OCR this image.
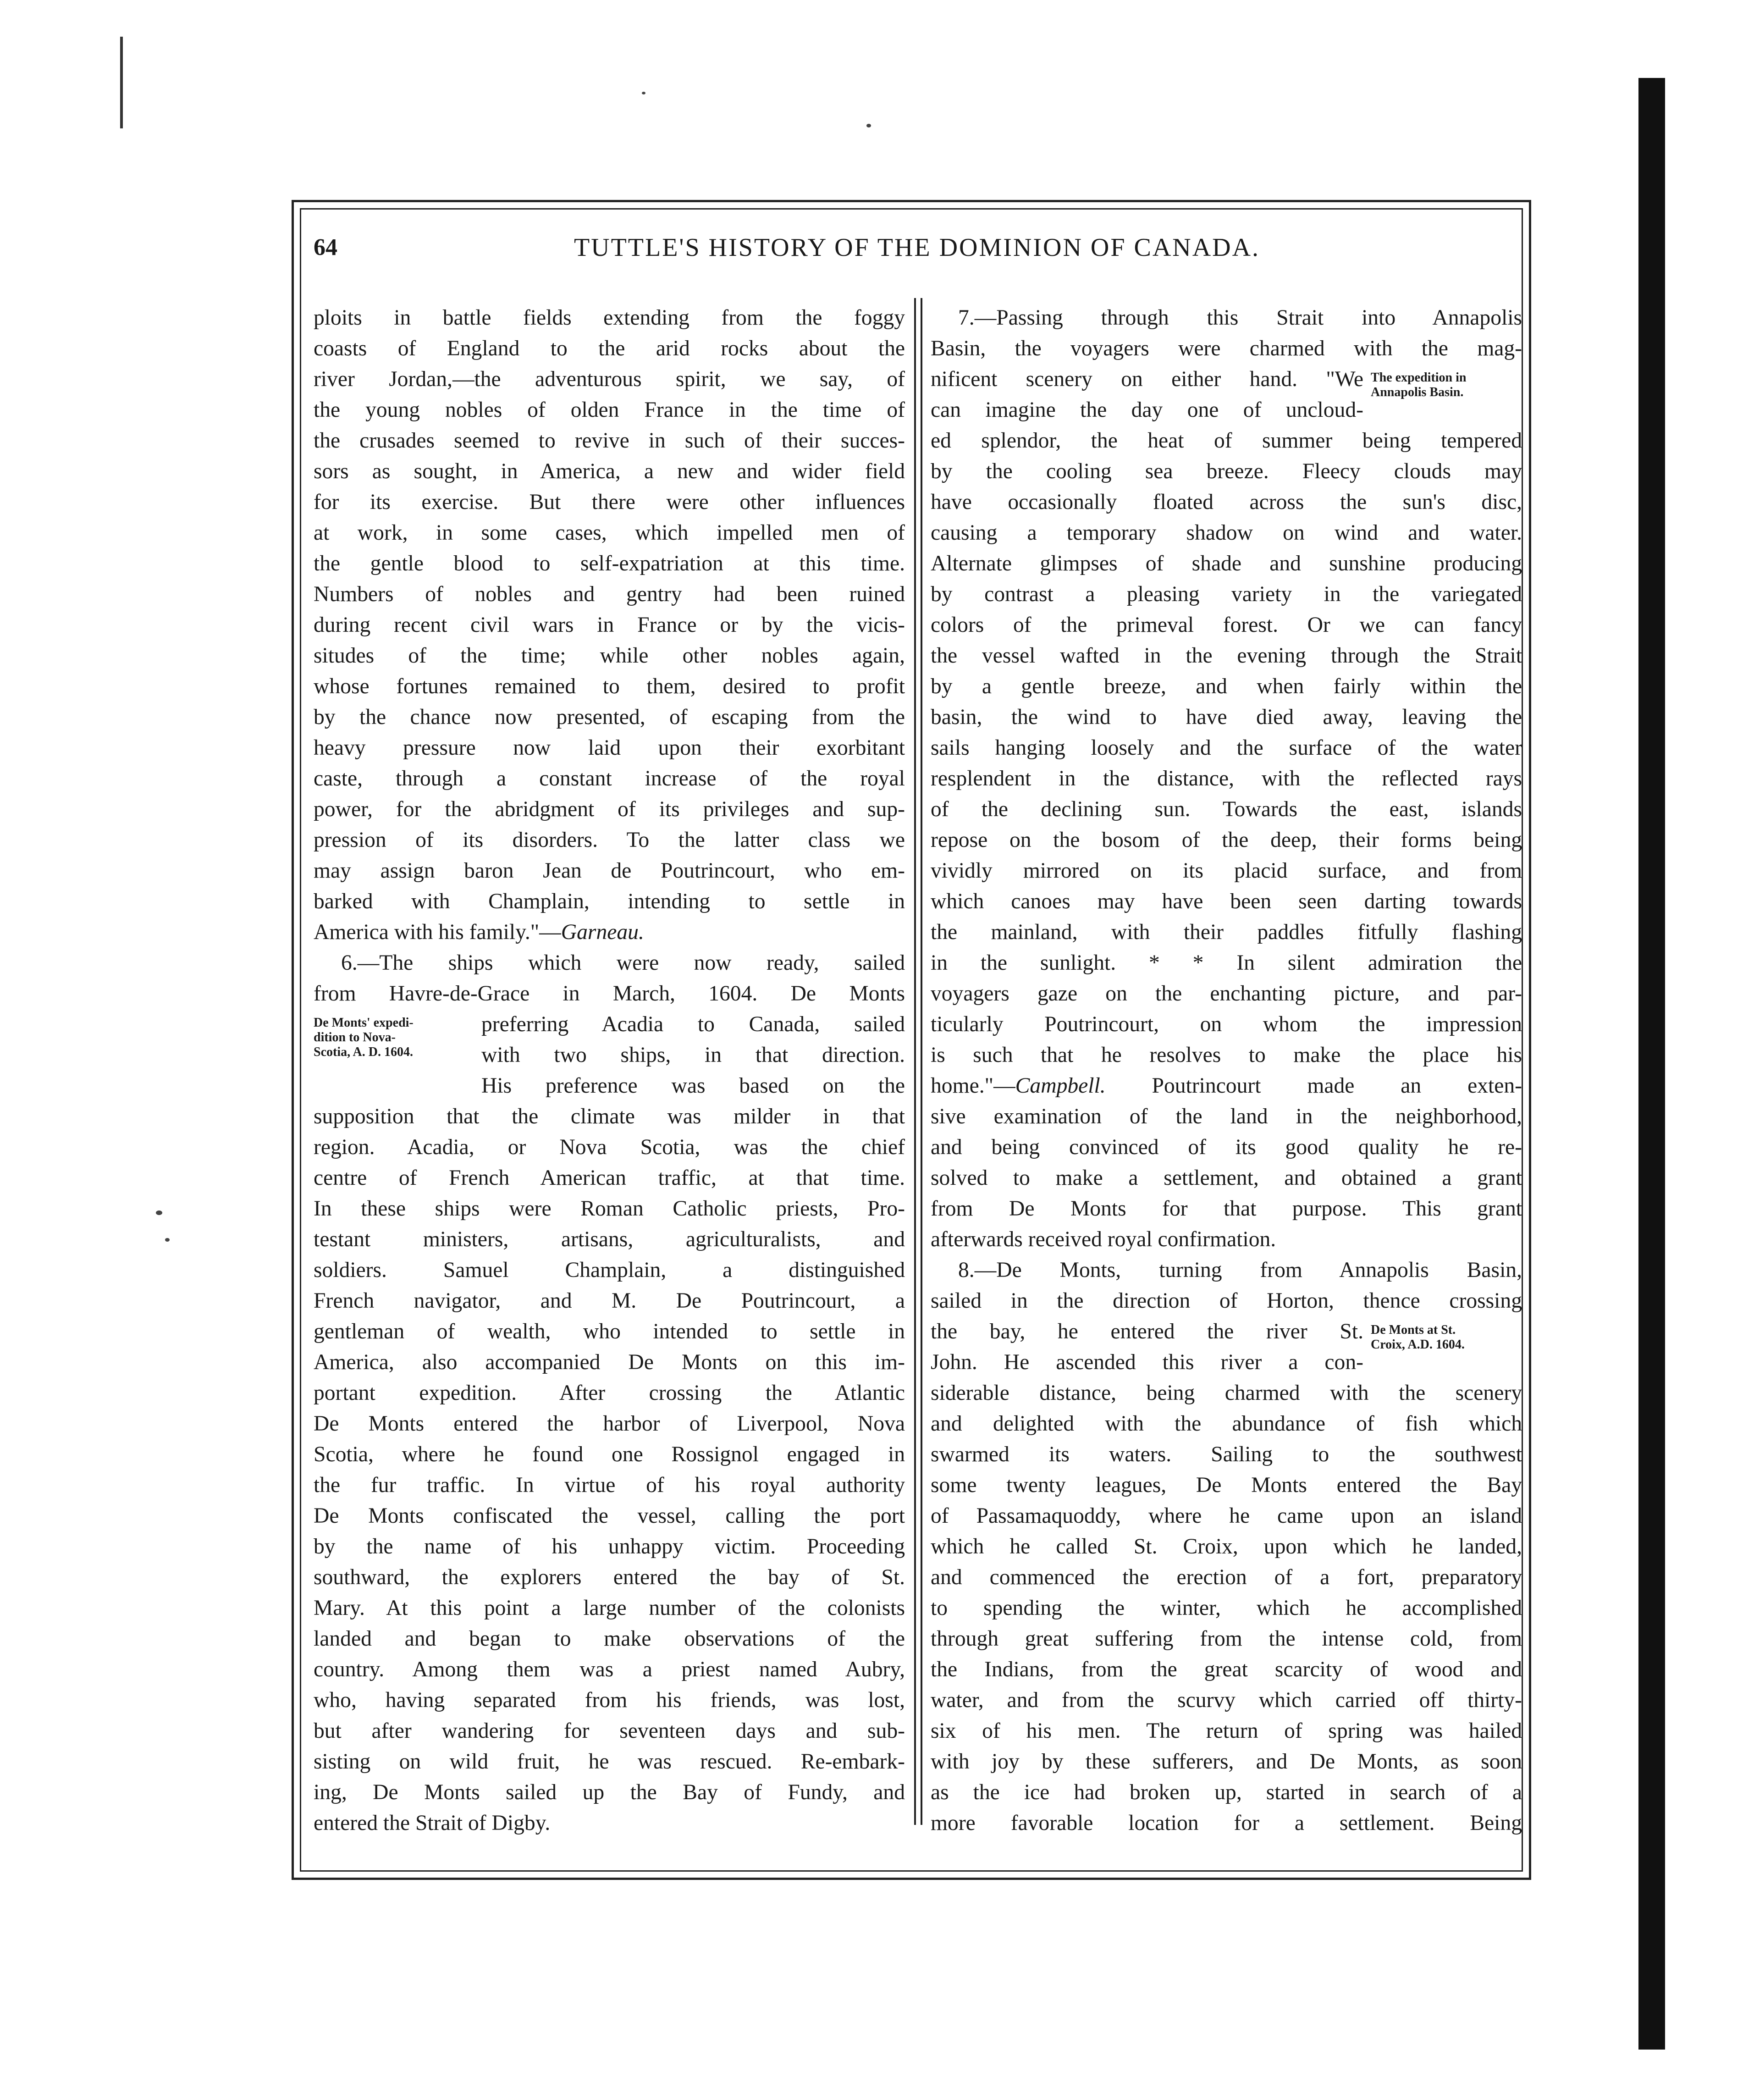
64	TUTTLE'S HISTORY OF THE DOMINION OF CANADA.

ploits in battle fields extending from the foggy
coasts of England to the arid rocks about the
river Jordan,—the adventurous spirit, we say, of
the young nobles of olden France in the time of
the crusades seemed to revive in such of their succes-
sors as sought, in America, a new and wider field
for its exercise. But there were other influences
at work, in some cases, which impelled men of
the gentle blood to self-expatriation at this time.
Numbers of nobles and gentry had been ruined
during recent civil wars in France or by the vicis-
situdes of the time; while other nobles again,
whose fortunes remained to them, desired to profit
by the chance now presented, of escaping from the
heavy pressure now laid upon their exorbitant
caste, through a constant increase of the royal
power, for the abridgment of its privileges and sup-
pression of its disorders. To the latter class we
may assign baron Jean de Poutrincourt, who em-
barked with Champlain, intending to settle in
America with his family."—Garneau.

6.—The ships which were now ready, sailed
from Havre-de-Grace in March, 1604. De Monts
De Monts' expedi-
dition to Nova-
Scotia, A. D. 1604.
preferring Acadia to Canada, sailed
with two ships, in that direction.
His preference was based on the
supposition that the climate was milder in that
region. Acadia, or Nova Scotia, was the chief
centre of French American traffic, at that time.
In these ships were Roman Catholic priests, Pro-
testant ministers, artisans, agriculturalists, and
soldiers. Samuel Champlain, a distinguished
French navigator, and M. De Poutrincourt, a
gentleman of wealth, who intended to settle in
America, also accompanied De Monts on this im-
portant expedition. After crossing the Atlantic
De Monts entered the harbor of Liverpool, Nova
Scotia, where he found one Rossignol engaged in
the fur traffic. In virtue of his royal authority
De Monts confiscated the vessel, calling the port
by the name of his unhappy victim. Proceeding
southward, the explorers entered the bay of St.
Mary. At this point a large number of the colonists
landed and began to make observations of the
country. Among them was a priest named Aubry,
who, having separated from his friends, was lost,
but after wandering for seventeen days and sub-
sisting on wild fruit, he was rescued. Re-embark-
ing, De Monts sailed up the Bay of Fundy, and
entered the Strait of Digby.

7.—Passing through this Strait into Annapolis
Basin, the voyagers were charmed with the mag-
The expedition in
Annapolis Basin.
nificent scenery on either hand. "We
can imagine the day one of uncloud-
ed splendor, the heat of summer being tempered
by the cooling sea breeze. Fleecy clouds may
have occasionally floated across the sun's disc,
causing a temporary shadow on wind and water.
Alternate glimpses of shade and sunshine producing
by contrast a pleasing variety in the variegated
colors of the primeval forest. Or we can fancy
the vessel wafted in the evening through the Strait
by a gentle breeze, and when fairly within the
basin, the wind to have died away, leaving the
sails hanging loosely and the surface of the water
resplendent in the distance, with the reflected rays
of the declining sun. Towards the east, islands
repose on the bosom of the deep, their forms being
vividly mirrored on its placid surface, and from
which canoes may have been seen darting towards
the mainland, with their paddles fitfully flashing
in the sunlight. * * In silent admiration the
voyagers gaze on the enchanting picture, and par-
ticularly Poutrincourt, on whom the impression
is such that he resolves to make the place his
home."—Campbell. Poutrincourt made an exten-
sive examination of the land in the neighborhood,
and being convinced of its good quality he re-
solved to make a settlement, and obtained a grant
from De Monts for that purpose. This grant
afterwards received royal confirmation.

8.—De Monts, turning from Annapolis Basin,
sailed in the direction of Horton, thence crossing
De Monts at St.
Croix, A.D. 1604.
the bay, he entered the river St.
John. He ascended this river a con-
siderable distance, being charmed with the scenery
and delighted with the abundance of fish which
swarmed its waters. Sailing to the southwest
some twenty leagues, De Monts entered the Bay
of Passamaquoddy, where he came upon an island
which he called St. Croix, upon which he landed,
and commenced the erection of a fort, preparatory
to spending the winter, which he accomplished
through great suffering from the intense cold, from
the Indians, from the great scarcity of wood and
water, and from the scurvy which carried off thirty-
six of his men. The return of spring was hailed
with joy by these sufferers, and De Monts, as soon
as the ice had broken up, started in search of a
more favorable location for a settlement. Being
